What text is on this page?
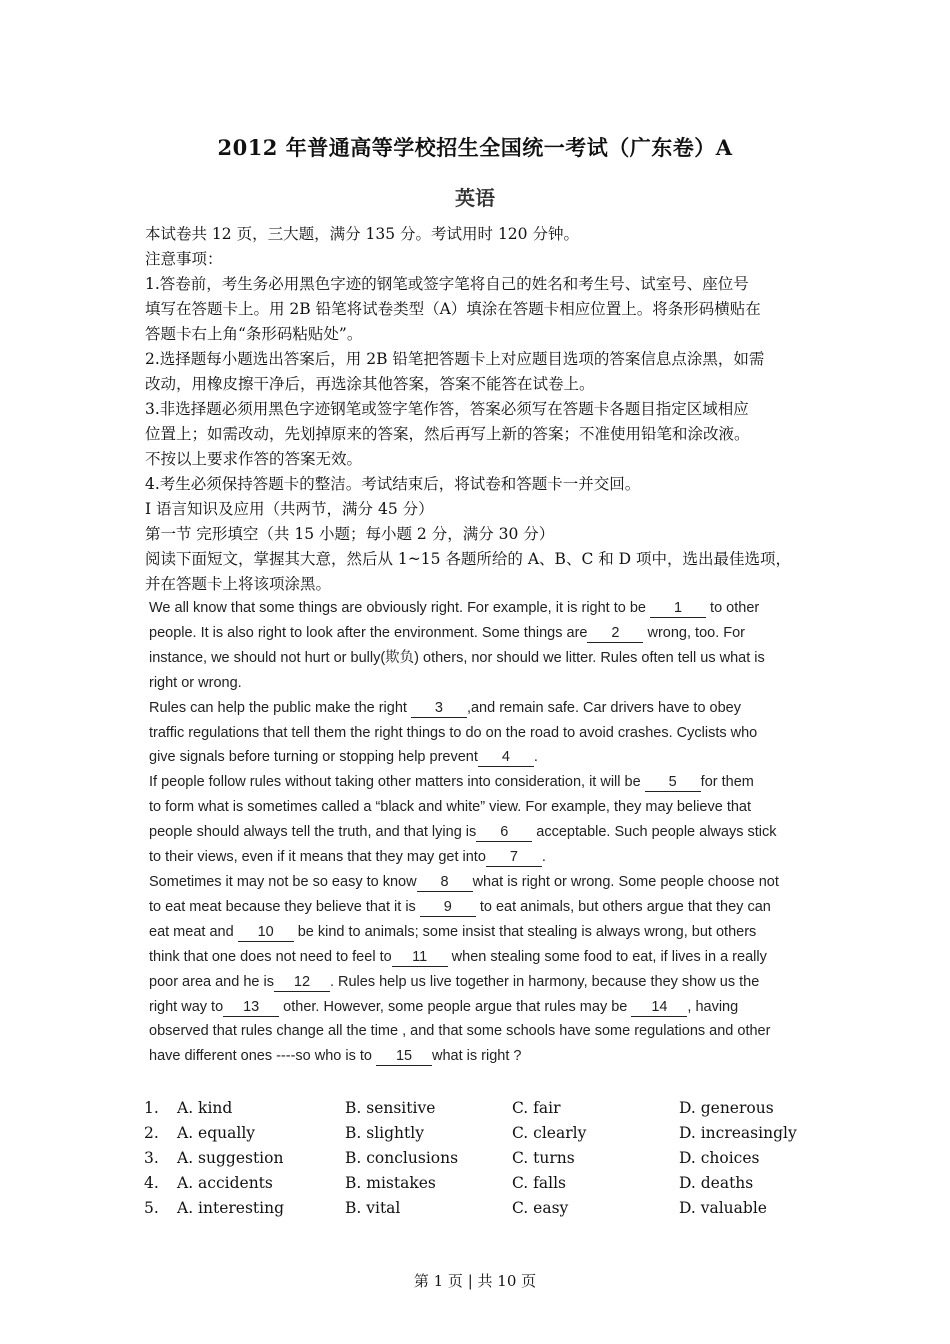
2012 年普通高等学校招生全国统一考试（广东卷）A
英语

本试卷共 12 页，三大题，满分 135 分。考试用时 120 分钟。

注意事项：

1.答卷前，考生务必用黑色字迹的钢笔或签字笔将自己的姓名和考生号、试室号、座位号

填写在答题卡上。用 2B 铅笔将试卷类型（A）填涂在答题卡相应位置上。将条形码横贴在

答题卡右上角“条形码粘贴处”。

2.选择题每小题选出答案后，用 2B 铅笔把答题卡上对应题目选项的答案信息点涂黑，如需

改动，用橡皮擦干净后，再选涂其他答案，答案不能答在试卷上。

3.非选择题必须用黑色字迹钢笔或签字笔作答，答案必须写在答题卡各题目指定区域相应

位置上；如需改动，先划掉原来的答案，然后再写上新的答案；不准使用铅笔和涂改液。

不按以上要求作答的答案无效。

4.考生必须保持答题卡的整洁。考试结束后，将试卷和答题卡一并交回。

I 语言知识及应用（共两节，满分 45 分）

第一节 完形填空（共 15 小题；每小题 2 分，满分 30 分）

阅读下面短文，掌握其大意，然后从 1~15 各题所给的 A、B、C 和 D 项中，选出最佳选项，

并在答题卡上将该项涂黑。

We all know that some things are obviously right. For example, it is right to be 1 to other
people. It is also right to look after the environment. Some things are 2 wrong, too. For
instance, we should not hurt or bully(欺负) others, nor should we litter. Rules often tell us what is
right or wrong.
Rules can help the public make the right 3 ,and remain safe. Car drivers have to obey
traffic regulations that tell them the right things to do on the road to avoid crashes. Cyclists who
give signals before turning or stopping help prevent 4 .
If people follow rules without taking other matters into consideration, it will be 5 for them
to form what is sometimes called a “black and white” view. For example, they may believe that
people should always tell the truth, and that lying is 6 acceptable. Such people always stick
to their views, even if it means that they may get into 7 .
Sometimes it may not be so easy to know 8 what is right or wrong. Some people choose not
to eat meat because they believe that it is 9 to eat animals, but others argue that they can
eat meat and 10 be kind to animals; some insist that stealing is always wrong, but others
think that one does not need to feel to 11 when stealing some food to eat, if lives in a really
poor area and he is 12 . Rules help us live together in harmony, because they show us the
right way to 13 other. However, some people argue that rules may be 14 , having
observed that rules change all the time , and that some schools have some regulations and other
have different ones ----so who is to 15 what is right ?
1. A. kind	B. sensitive	C. fair	D. generous
2. A. equally	B. slightly	C. clearly	D. increasingly
3. A. suggestion	B. conclusions	C. turns	D. choices
4. A. accidents	B. mistakes	C. falls	D. deaths
5. A. interesting	B. vital	C. easy	D. valuable
第 1 页 | 共 10 页
